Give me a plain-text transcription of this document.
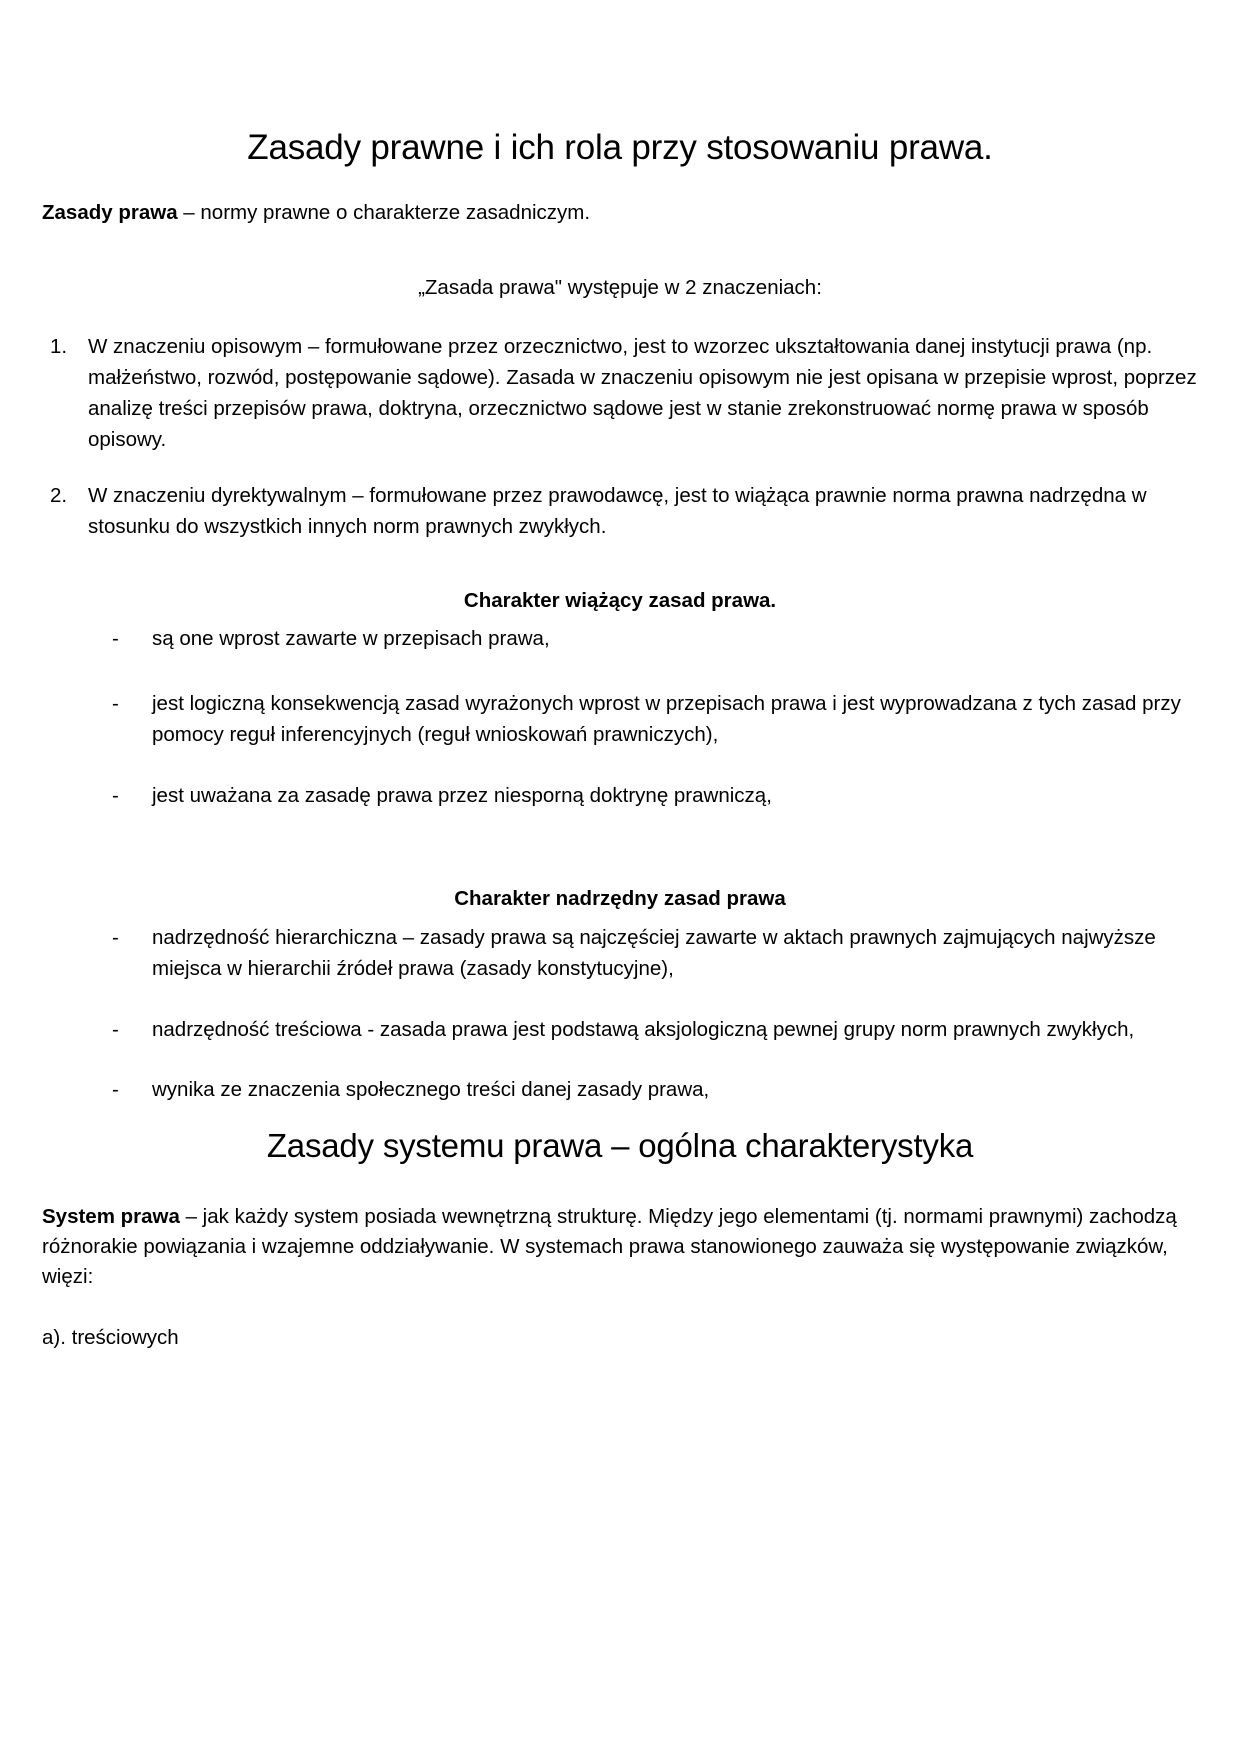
Zasady prawne i ich rola przy stosowaniu prawa.

Zasady prawa – normy prawne o charakterze zasadniczym.

„Zasada prawa" występuje w 2 znaczeniach:

1. W znaczeniu opisowym – formułowane przez orzecznictwo, jest to wzorzec ukształtowania danej instytucji prawa (np. małżeństwo, rozwód, postępowanie sądowe). Zasada w znaczeniu opisowym nie jest opisana w przepisie wprost, poprzez analizę treści przepisów prawa, doktryna, orzecznictwo sądowe jest w stanie zrekonstruować normę prawa w sposób opisowy.
2. W znaczeniu dyrektywalnym – formułowane przez prawodawcę, jest to wiążąca prawnie norma prawna nadrzędna w stosunku do wszystkich innych norm prawnych zwykłych.
Charakter wiążący zasad prawa.
- są one wprost zawarte w przepisach prawa,
- jest logiczną konsekwencją zasad wyrażonych wprost w przepisach prawa i jest wyprowadzana z tych zasad przy pomocy reguł inferencyjnych (reguł wnioskowań prawniczych),
- jest uważana za zasadę prawa przez niesporną doktrynę prawniczą,
Charakter nadrzędny zasad prawa
- nadrzędność hierarchiczna – zasady prawa są najczęściej zawarte w aktach prawnych zajmujących najwyższe miejsca w hierarchii źródeł prawa (zasady konstytucyjne),
- nadrzędność treściowa - zasada prawa jest podstawą aksjologiczną pewnej grupy norm prawnych zwykłych,
- wynika ze znaczenia społecznego treści danej zasady prawa,
Zasady systemu prawa – ogólna charakterystyka

System prawa – jak każdy system posiada wewnętrzną strukturę. Między jego elementami (tj. normami prawnymi) zachodzą różnorakie powiązania i wzajemne oddziaływanie. W systemach prawa stanowionego zauważa się występowanie związków, więzi:

a). treściowych
